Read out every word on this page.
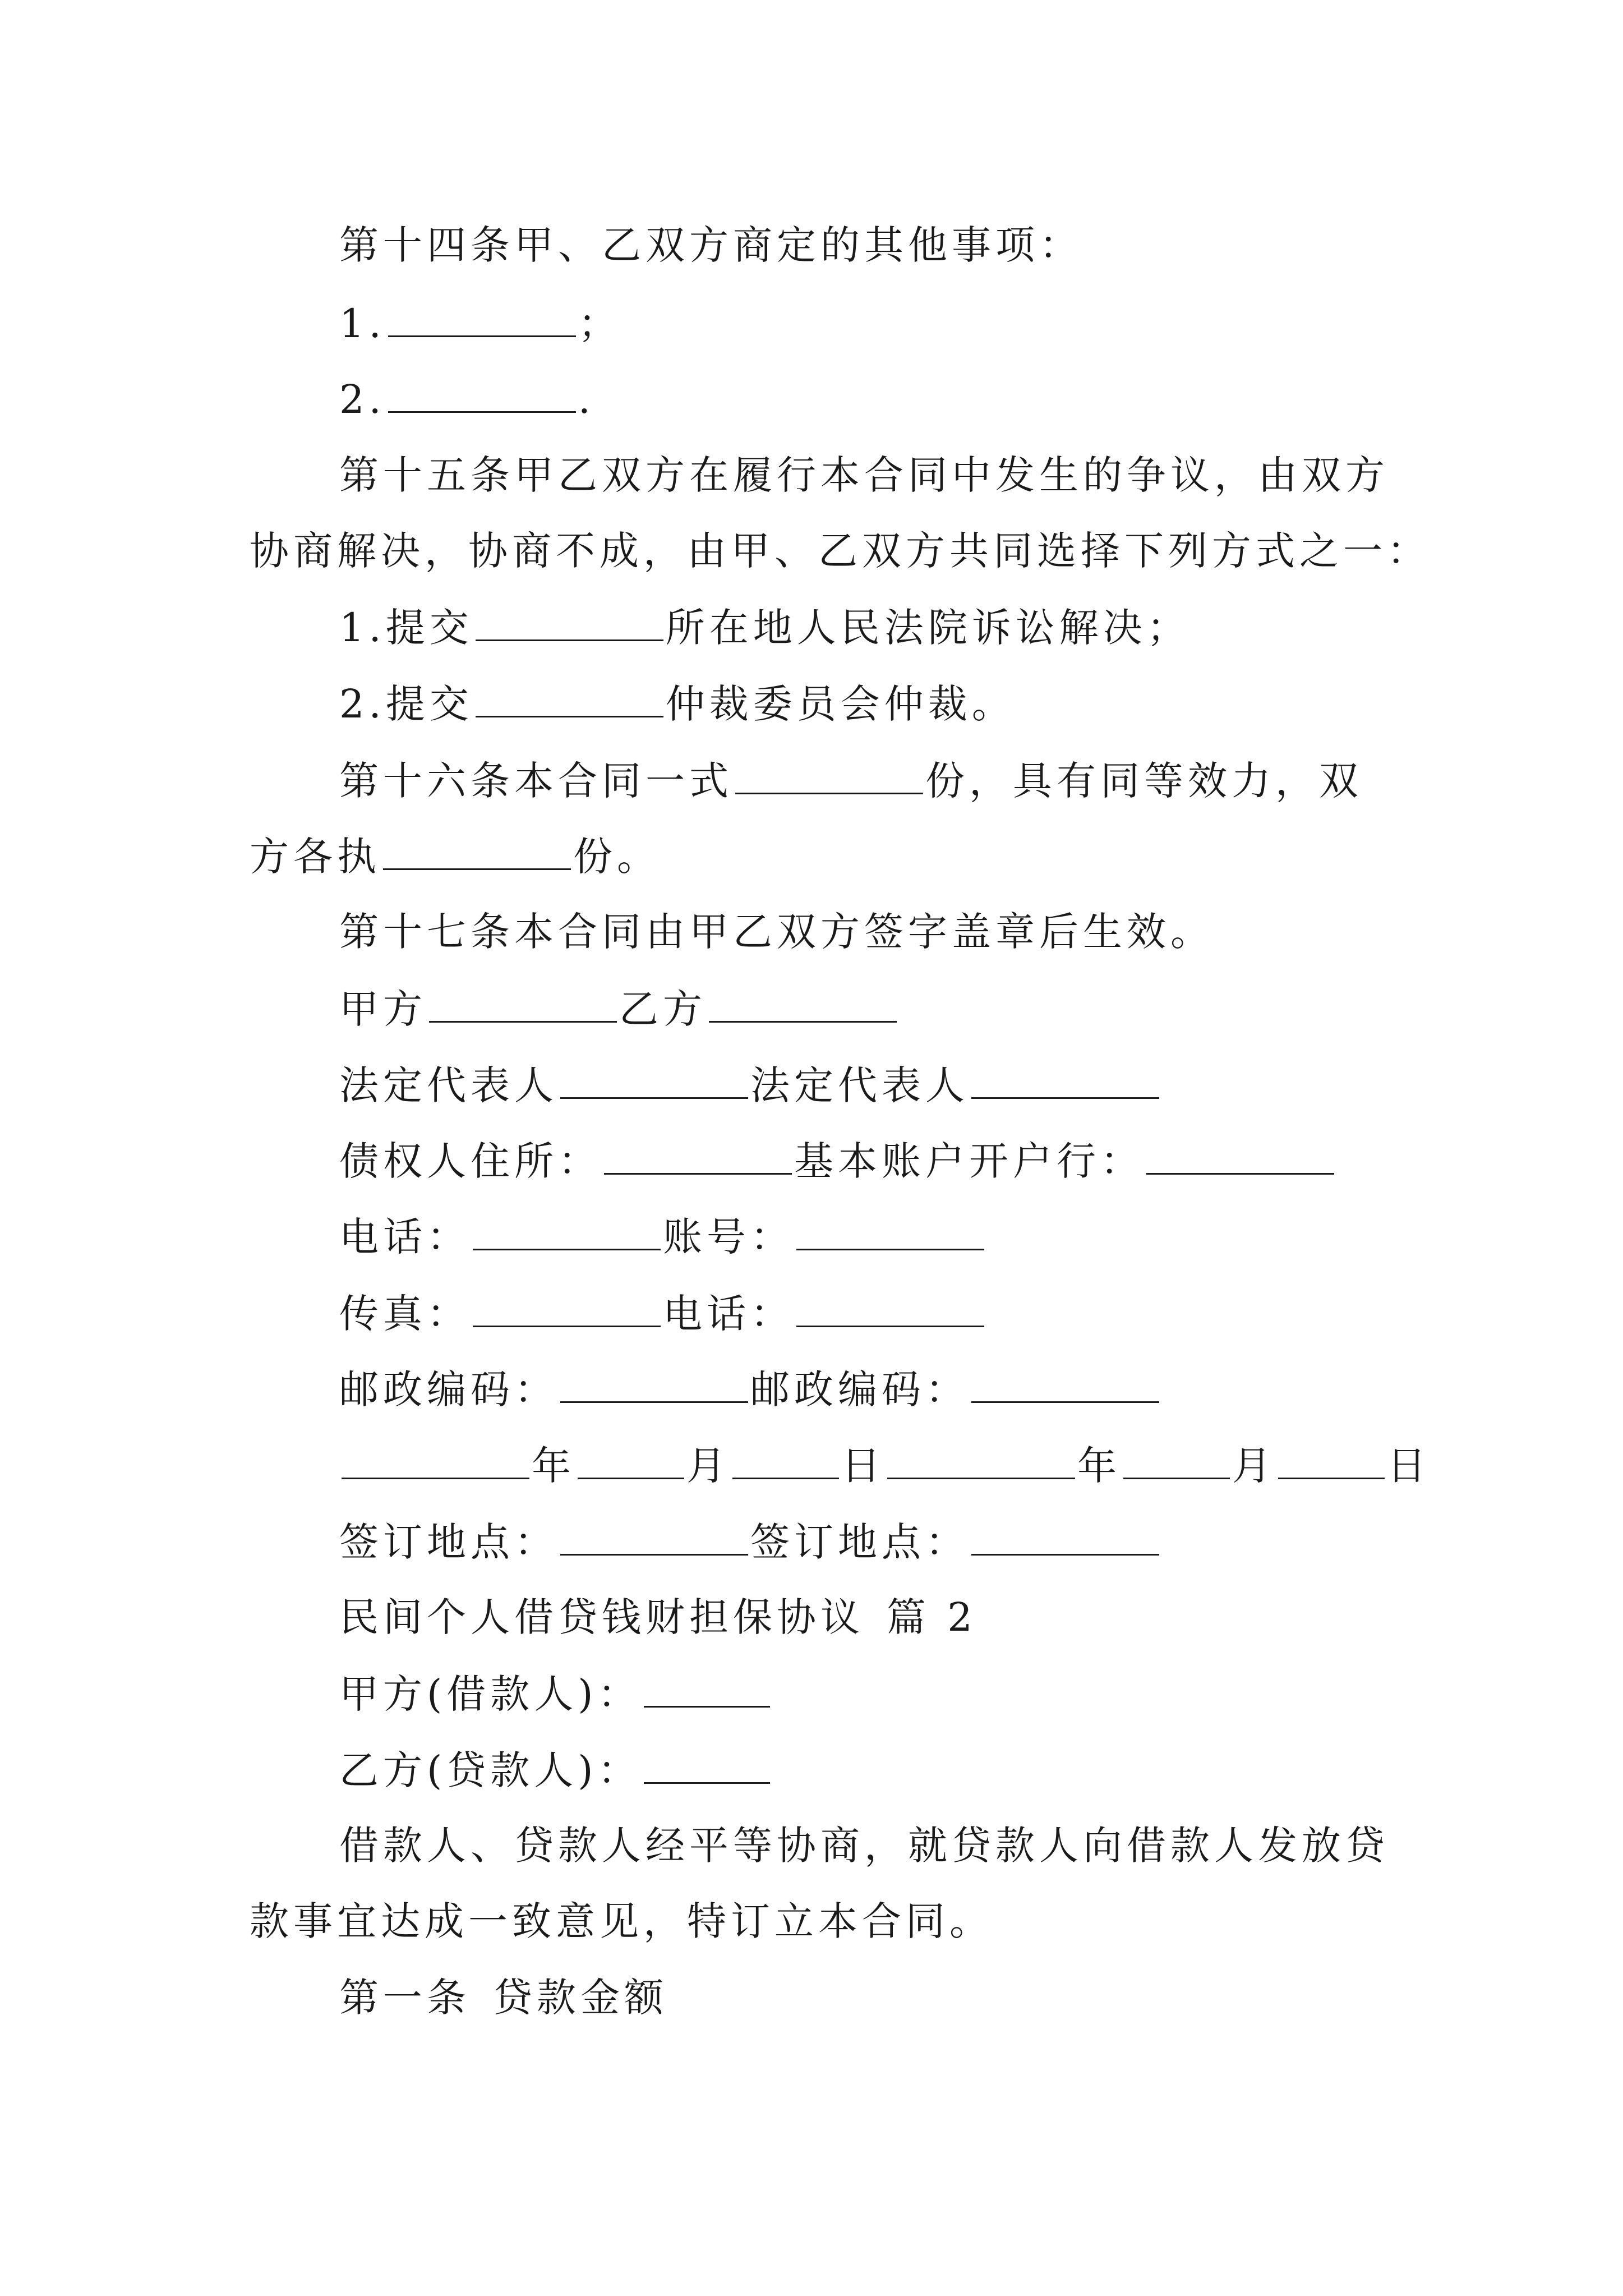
第十四条甲、乙双方商定的其他事项：
1.	；
2.	.
第十五条甲乙双方在履行本合同中发生的争议，由双方
协商解决，协商不成，由甲、乙双方共同选择下列方式之一：
1.提交	所在地人民法院诉讼解决；
2.提交	仲裁委员会仲裁。
第十六条本合同一式	份，具有同等效力，双
方各执	份。
第十七条本合同由甲乙双方签字盖章后生效。
甲方	乙方
法定代表人	法定代表人
债权人住所：	基本账户开户行：
电话：	账号：
传真：	电话：
邮政编码：	邮政编码：
年	月	日	年	月	日
签订地点：	签订地点：
民间个人借贷钱财担保协议 篇 2
甲方(借款人)：
乙方(贷款人)：
借款人、贷款人经平等协商，就贷款人向借款人发放贷
款事宜达成一致意见，特订立本合同。
第一条 贷款金额
